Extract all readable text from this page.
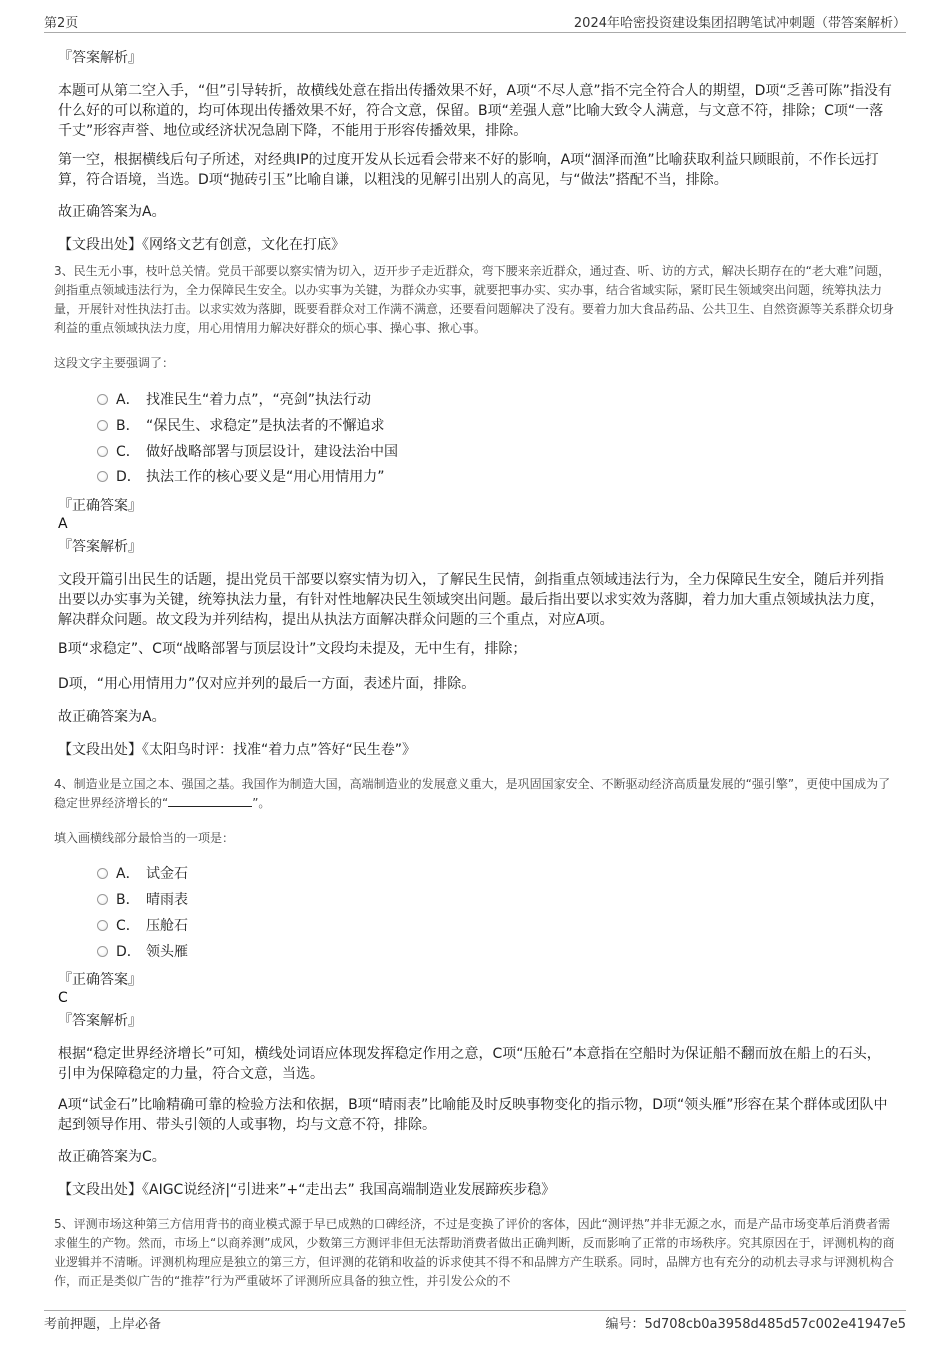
第2页	2024年哈密投资建设集团招聘笔试冲刺题（带答案解析）
『答案解析』
本题可从第二空入手，“但”引导转折，故横线处意在指出传播效果不好，A项“不尽人意”指不完全符合人的期望，D项“乏善可陈”指没有什么好的可以称道的，均可体现出传播效果不好，符合文意，保留。B项“差强人意”比喻大致令人满意，与文意不符，排除；C项“一落千丈”形容声誉、地位或经济状况急剧下降，不能用于形容传播效果，排除。
第一空，根据横线后句子所述，对经典IP的过度开发从长远看会带来不好的影响，A项“涸泽而渔”比喻获取利益只顾眼前，不作长远打算，符合语境，当选。D项“抛砖引玉”比喻自谦，以粗浅的见解引出别人的高见，与“做法”搭配不当，排除。
故正确答案为A。
【文段出处】《网络文艺有创意，文化在打底》
3、民生无小事，枝叶总关情。党员干部要以察实情为切入，迈开步子走近群众，弯下腰来亲近群众，通过查、听、访的方式，解决长期存在的“老大难”问题，剑指重点领域违法行为，全力保障民生安全。以办实事为关键，为群众办实事，就要把事办实、实办事，结合省域实际，紧盯民生领域突出问题，统筹执法力量，开展针对性执法打击。以求实效为落脚，既要看群众对工作满不满意，还要看问题解决了没有。要着力加大食品药品、公共卫生、自然资源等关系群众切身利益的重点领域执法力度，用心用情用力解决好群众的烦心事、操心事、揪心事。
这段文字主要强调了：
A． 找准民生“着力点”，“亮剑”执法行动
B． “保民生、求稳定”是执法者的不懈追求
C． 做好战略部署与顶层设计，建设法治中国
D． 执法工作的核心要义是“用心用情用力”
『正确答案』
A
『答案解析』
文段开篇引出民生的话题，提出党员干部要以察实情为切入，了解民生民情，剑指重点领域违法行为，全力保障民生安全，随后并列指出要以办实事为关键，统筹执法力量，有针对性地解决民生领域突出问题。最后指出要以求实效为落脚，着力加大重点领域执法力度，解决群众问题。故文段为并列结构，提出从执法方面解决群众问题的三个重点，对应A项。
B项“求稳定”、C项“战略部署与顶层设计”文段均未提及，无中生有，排除；
D项，“用心用情用力”仅对应并列的最后一方面，表述片面，排除。
故正确答案为A。
【文段出处】《太阳鸟时评：找准“着力点”答好“民生卷”》
4、制造业是立国之本、强国之基。我国作为制造大国，高端制造业的发展意义重大，是巩固国家安全、不断驱动经济高质量发展的“强引擎”，更使中国成为了稳定世界经济增长的“	”。
填入画横线部分最恰当的一项是：
A． 试金石
B． 晴雨表
C． 压舱石
D． 领头雁
『正确答案』
C
『答案解析』
根据“稳定世界经济增长”可知，横线处词语应体现发挥稳定作用之意，C项“压舱石”本意指在空船时为保证船不翻而放在船上的石头，引申为保障稳定的力量，符合文意，当选。
A项“试金石”比喻精确可靠的检验方法和依据，B项“晴雨表”比喻能及时反映事物变化的指示物，D项“领头雁”形容在某个群体或团队中起到领导作用、带头引领的人或事物，均与文意不符，排除。
故正确答案为C。
【文段出处】《AIGC说经济|“引进来”+“走出去” 我国高端制造业发展蹄疾步稳》
5、评测市场这种第三方信用背书的商业模式源于早已成熟的口碑经济，不过是变换了评价的客体，因此“测评热”并非无源之水，而是产品市场变革后消费者需求催生的产物。然而，市场上“以商养测”成风，少数第三方测评非但无法帮助消费者做出正确判断，反而影响了正常的市场秩序。究其原因在于，评测机构的商业逻辑并不清晰。评测机构理应是独立的第三方，但评测的花销和收益的诉求使其不得不和品牌方产生联系。同时，品牌方也有充分的动机去寻求与评测机构合作，而正是类似广告的“推荐”行为严重破坏了评测所应具备的独立性，并引发公众的不
考前押题，上岸必备	编号：5d708cb0a3958d485d57c002e41947e5
